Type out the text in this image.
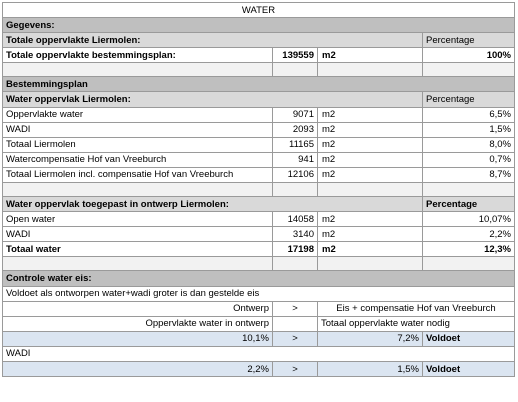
WATER			
Gegevens:			
Totale oppervlakte Liermolen:			Percentage
Totale oppervlakte bestemmingsplan:	139559	m2	100%

Bestemmingsplan			
Water oppervlak Liermolen:			Percentage
Oppervlakte water	9071	m2	6,5%
WADI	2093	m2	1,5%
Totaal Liermolen	11165	m2	8,0%
Watercompensatie Hof van Vreeburch	941	m2	0,7%
Totaal Liermolen incl. compensatie Hof van Vreeburch	12106	m2	8,7%

Water oppervlak toegepast in ontwerp Liermolen:			Percentage
Open water	14058	m2	10,07%
WADI	3140	m2	2,2%
Totaal water	17198	m2	12,3%

Controle water eis:			
Voldoet als ontworpen water+wadi groter is dan gestelde eis			
Ontwerp	>	Eis + compensatie Hof van Vreeburch	
Oppervlakte water in ontwerp		Totaal oppervlakte water nodig	
10,1%	>	7,2%	Voldoet
WADI			
2,2%	>	1,5%	Voldoet
